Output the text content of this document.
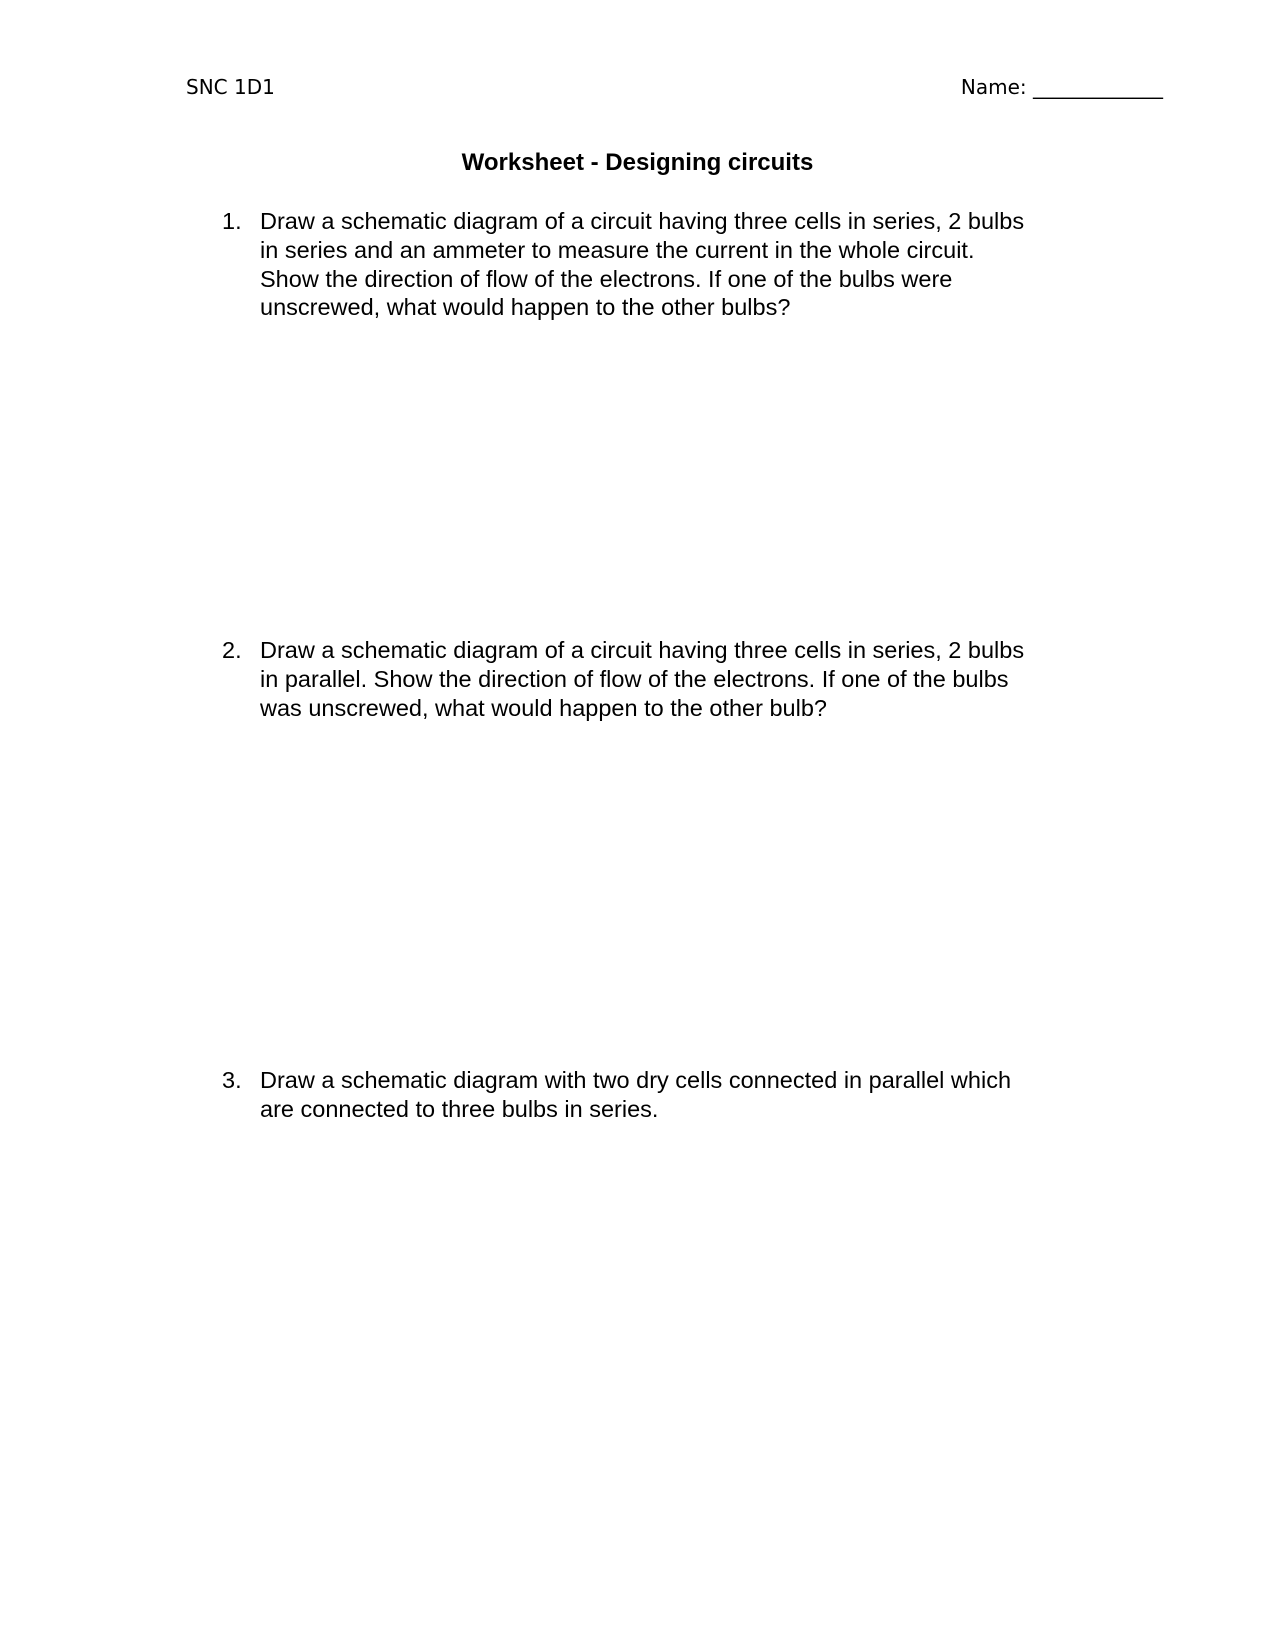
SNC 1D1	Name: _____________
Worksheet - Designing circuits
1. Draw a schematic diagram of a circuit having three cells in series, 2 bulbs
in series and an ammeter to measure the current in the whole circuit.
Show the direction of flow of the electrons. If one of the bulbs were
unscrewed, what would happen to the other bulbs?
2. Draw a schematic diagram of a circuit having three cells in series, 2 bulbs
in parallel. Show the direction of flow of the electrons. If one of the bulbs
was unscrewed, what would happen to the other bulb?
3. Draw a schematic diagram with two dry cells connected in parallel which
are connected to three bulbs in series.
